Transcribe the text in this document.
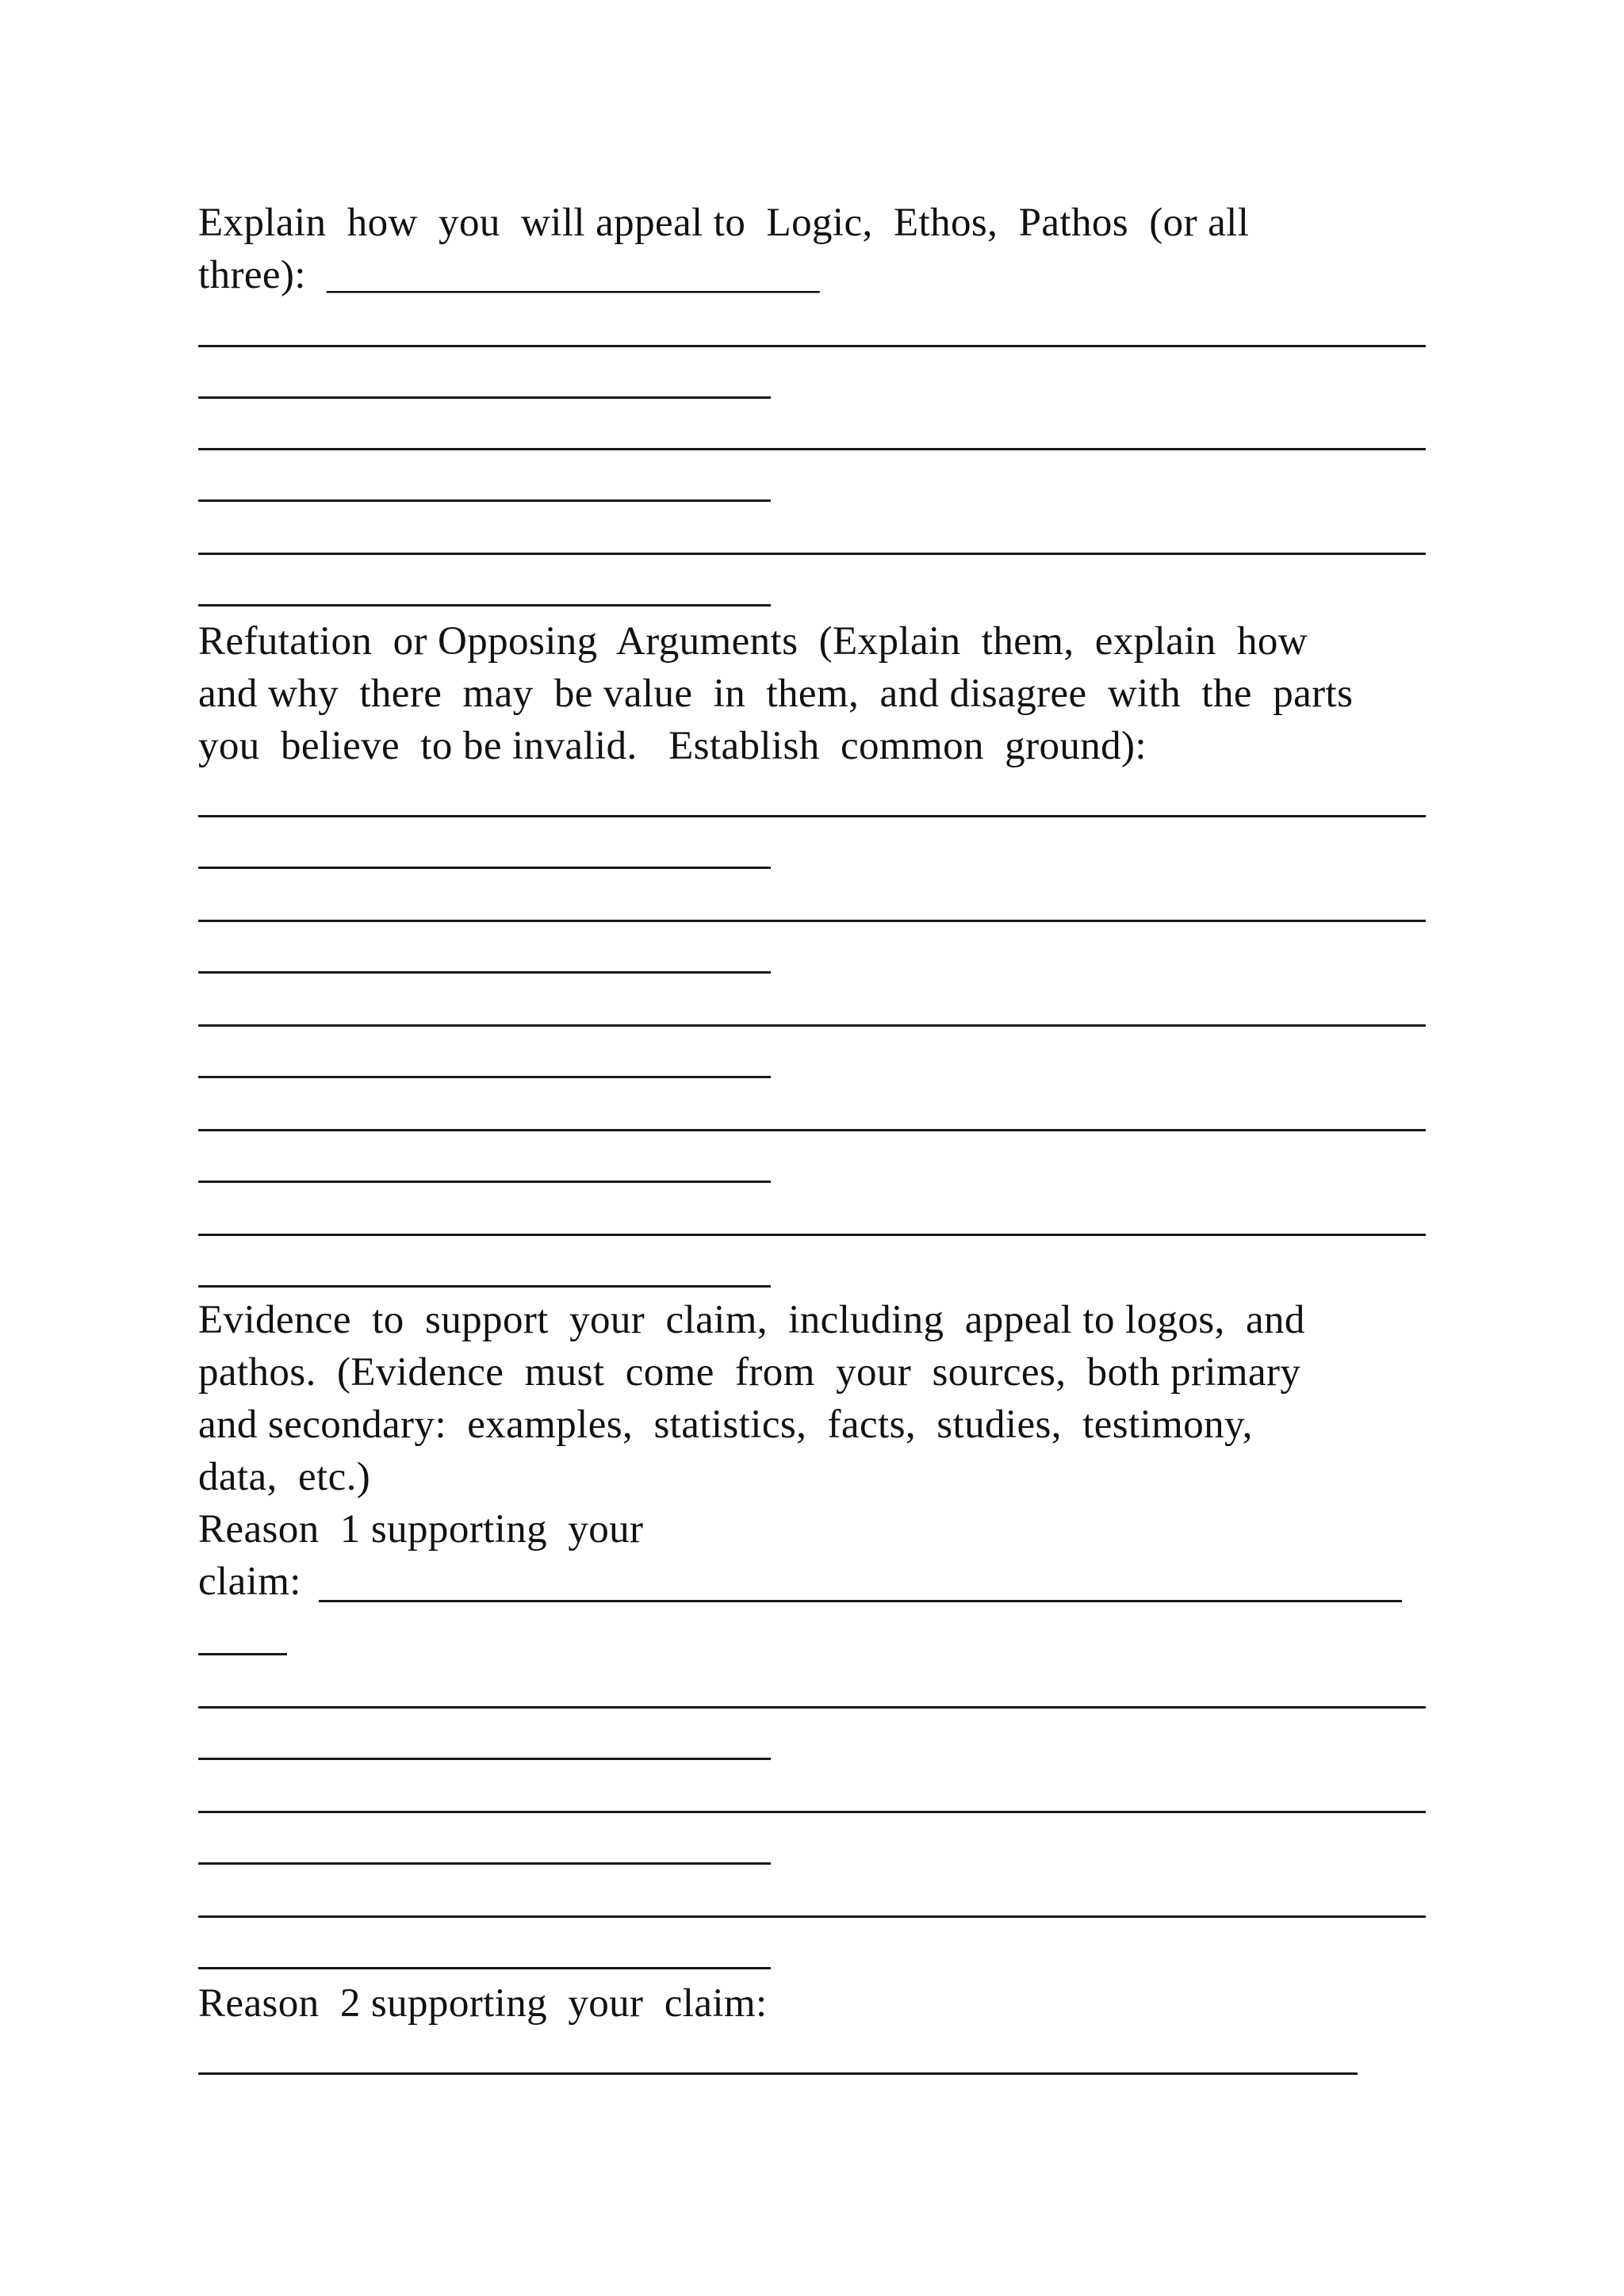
Explain  how  you  will appeal to  Logic,  Ethos,  Pathos  (or all
three):  ________________________
Refutation  or Opposing  Arguments  (Explain  them,  explain  how
and why  there  may  be value  in  them,  and disagree  with  the  parts
you  believe  to be invalid.   Establish  common  ground):
Evidence  to  support  your  claim,  including  appeal to logos,  and
pathos.  (Evidence  must  come  from  your  sources,  both primary
and secondary:  examples,  statistics,  facts,  studies,  testimony,
data,  etc.)
Reason  1 supporting  your
claim:
Reason  2 supporting  your  claim:
